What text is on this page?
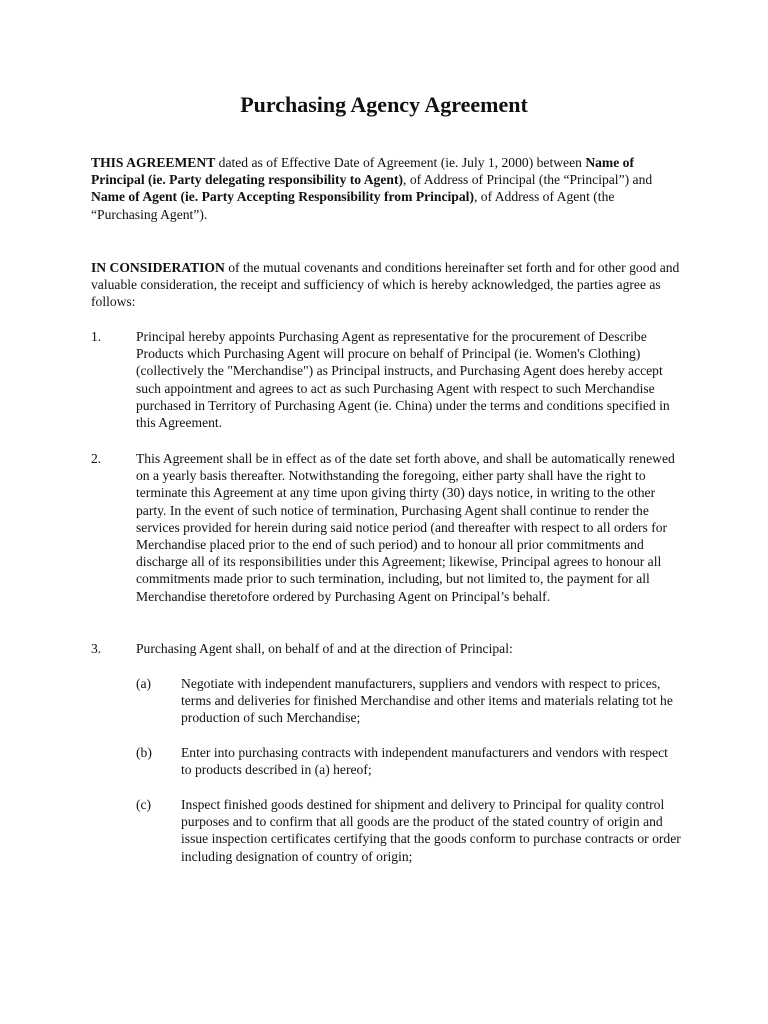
Purchasing Agency Agreement

THIS AGREEMENT dated as of Effective Date of Agreement (ie. July 1, 2000) between Name of Principal (ie. Party delegating responsibility to Agent), of Address of Principal (the “Principal”) and Name of Agent (ie. Party Accepting Responsibility from Principal), of Address of Agent (the “Purchasing Agent”).

IN CONSIDERATION of the mutual covenants and conditions hereinafter set forth and for other good and valuable consideration, the receipt and sufficiency of which is hereby acknowledged, the parties agree as follows:

1.	Principal hereby appoints Purchasing Agent as representative for the procurement of Describe Products which Purchasing Agent will procure on behalf of Principal (ie. Women's Clothing) (collectively the "Merchandise") as Principal instructs, and Purchasing Agent does hereby accept such appointment and agrees to act as such Purchasing Agent with respect to such Merchandise purchased in Territory of Purchasing Agent (ie. China) under the terms and conditions specified in this Agreement.

2.	This Agreement shall be in effect as of the date set forth above, and shall be automatically renewed on a yearly basis thereafter. Notwithstanding the foregoing, either party shall have the right to terminate this Agreement at any time upon giving thirty (30) days notice, in writing to the other party. In the event of such notice of termination, Purchasing Agent shall continue to render the services provided for herein during said notice period (and thereafter with respect to all orders for Merchandise placed prior to the end of such period) and to honour all prior commitments and discharge all of its responsibilities under this Agreement; likewise, Principal agrees to honour all commitments made prior to such termination, including, but not limited to, the payment for all Merchandise theretofore ordered by Purchasing Agent on Principal’s behalf.

3.	Purchasing Agent shall, on behalf of and at the direction of Principal:

(a)	Negotiate with independent manufacturers, suppliers and vendors with respect to prices, terms and deliveries for finished Merchandise and other items and materials relating tot he production of such Merchandise;

(b)	Enter into purchasing contracts with independent manufacturers and vendors with respect to products described in (a) hereof;

(c)	Inspect finished goods destined for shipment and delivery to Principal for quality control purposes and to confirm that all goods are the product of the stated country of origin and issue inspection certificates certifying that the goods conform to purchase contracts or order including designation of country of origin;
